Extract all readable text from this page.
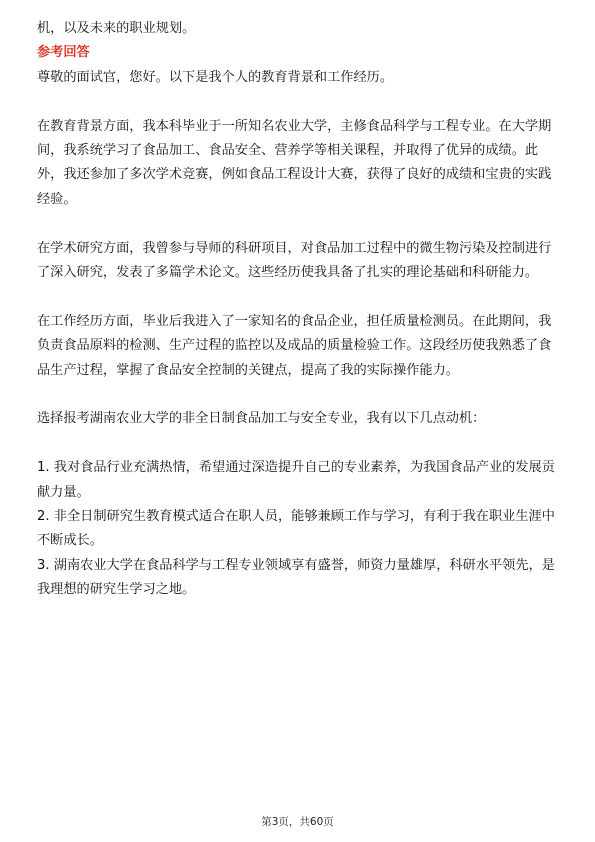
机，以及未来的职业规划。

参考回答

尊敬的面试官，您好。以下是我个人的教育背景和工作经历。

在教育背景方面，我本科毕业于一所知名农业大学，主修食品科学与工程专业。在大学期间，我系统学习了食品加工、食品安全、营养学等相关课程，并取得了优异的成绩。此外，我还参加了多次学术竞赛，例如食品工程设计大赛，获得了良好的成绩和宝贵的实践经验。

在学术研究方面，我曾参与导师的科研项目，对食品加工过程中的微生物污染及控制进行了深入研究，发表了多篇学术论文。这些经历使我具备了扎实的理论基础和科研能力。

在工作经历方面，毕业后我进入了一家知名的食品企业，担任质量检测员。在此期间，我负责食品原料的检测、生产过程的监控以及成品的质量检验工作。这段经历使我熟悉了食品生产过程，掌握了食品安全控制的关键点，提高了我的实际操作能力。

选择报考湖南农业大学的非全日制食品加工与安全专业，我有以下几点动机：

1. 我对食品行业充满热情，希望通过深造提升自己的专业素养，为我国食品产业的发展贡献力量。

2. 非全日制研究生教育模式适合在职人员，能够兼顾工作与学习，有利于我在职业生涯中不断成长。

3. 湖南农业大学在食品科学与工程专业领域享有盛誉，师资力量雄厚，科研水平领先，是我理想的研究生学习之地。

第3页，共60页
